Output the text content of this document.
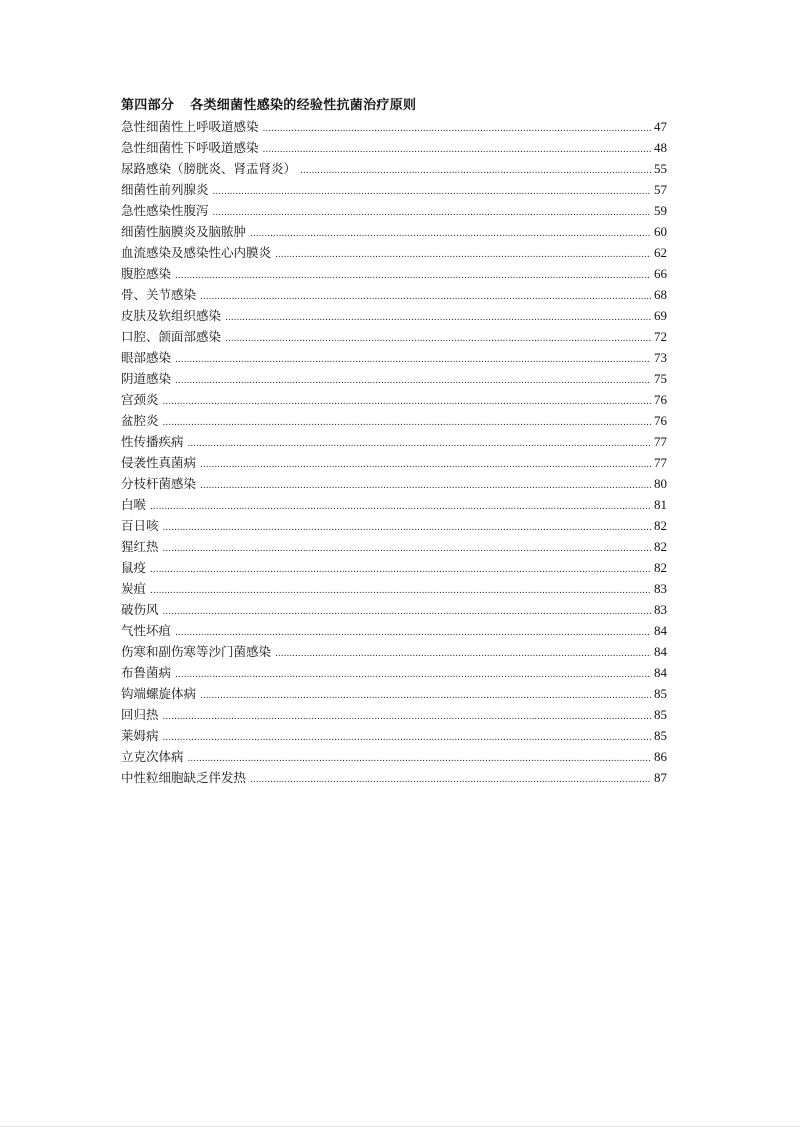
第四部分 各类细菌性感染的经验性抗菌治疗原则
急性细菌性上呼吸道感染 .....	47
急性细菌性下呼吸道感染 .....	48
尿路感染（膀胱炎、肾盂肾炎） .....	55
细菌性前列腺炎 .....	57
急性感染性腹泻 .....	59
细菌性脑膜炎及脑脓肿 .....	60
血流感染及感染性心内膜炎 .....	62
腹腔感染 .....	66
骨、关节感染 .....	68
皮肤及软组织感染 .....	69
口腔、颌面部感染 .....	72
眼部感染 .....	73
阴道感染 .....	75
宫颈炎 .....	76
盆腔炎 .....	76
性传播疾病 .....	77
侵袭性真菌病 .....	77
分枝杆菌感染 .....	80
白喉 .....	81
百日咳 .....	82
猩红热 .....	82
鼠疫 .....	82
炭疽 .....	83
破伤风 .....	83
气性坏疽 .....	84
伤寒和副伤寒等沙门菌感染 .....	84
布鲁菌病 .....	84
钩端螺旋体病 .....	85
回归热 .....	85
莱姆病 .....	85
立克次体病 .....	86
中性粒细胞缺乏伴发热 .....	87
